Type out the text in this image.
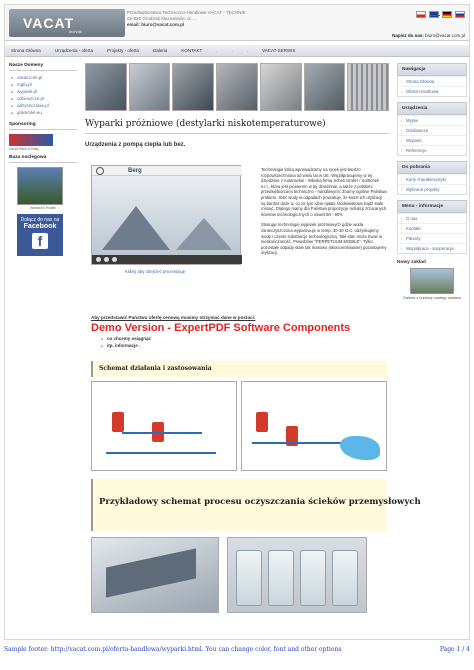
VACAT
technik
Przedsiębiorstwo Techniczno-Handlowe VACAT - TECHNIK
05-825 Grodzisk Mazowiecki, ul. ...
email: biuro@vacat.com.pl
Napisz do nas: biuro@vacat.com.pl
Strona Główna	Urządzenia - oferta	Projekty - oferta	Galeria	KONTAKT	.	.	.	VACAT-SERWIS
Nasze Domeny
■ vacat.com.pl
■ mgfu.pl
■ wyparki.pl
■ odzieszcze.pl
■ odzyszczanie.pl
■ grammlei.eu
Sponsoring
Vacat Race & Rally
Baza noclegowa
Ambara's Hostel
Dołącz do nas na
Facebook
f
Nawigacja
› Strona Główna
› Oferta Handlowa
Urządzenia
› Myjnie
› Odoliwacze
› Wyparki
› Referencje
Do pobrania
› Karty charakterystyki
› Wybrane projekty
Menu - informacje
› O nas
› Kontakt
› Patenty
› Współpraca - kooperacja
Nowy zakład
Galeria z budowy nowego zakładu
Wyparki próżniowe (destylarki niskotemperaturowe)
Urządzenia z pompą ciepła lub bez.
Berg
Kliknij aby obejrzeć prezentację

Technologia którą wprowadzamy na rynek jest bardzo rozpowszechniona od wielu lat w UE. Współpracujemy w tej dziedzinie z Austriackie - Włoską firmą Scheli GmbH / SolScheli s.r.l., która jest pionierem w tej dziedzinie, a także z polskimi przedsiębiorcami techniczno - handlowymi. Znamy ogólnie Państwa problem. Ilość wody w odpadach powoduje, że koszt ich utylizacji są bardzo duże a, co za tym idzie opłaty środowiskowe bądź stale rosnąć. Dlatego mamy dla Państwa propozycje redukcji zrzucanych ścieków technologicznych o nawet 80 - 90%

Stosując technologię wyparek próżniowych gdzie woda zanieczyszczona wyparowuje w temp. 30-30 st.C. odzyskujemy wodę i często substancje technologiczną. Taki stan może trwać w nieskończoność. Prawdziwe "PERPETUUM MOBILE". Tylko pozostałe odpady stale tak masowo (skoncentrowane) pozostajemy utylizacji.

Aby przedstawić Państwu ofertę cenową musimy otrzymać dane w postaci:
Demo Version - ExpertPDF Software Components
● co chcemy osiągnąć
● itp. informacje .
Schemat działania i zastosowania
Przykładowy schemat procesu oczyszczania ścieków przemysłowych
Sample footer: http://vacat.com.pl/oferta-handlowa/wyparki.html. You can change color, font and other options	Page 1 / 4
